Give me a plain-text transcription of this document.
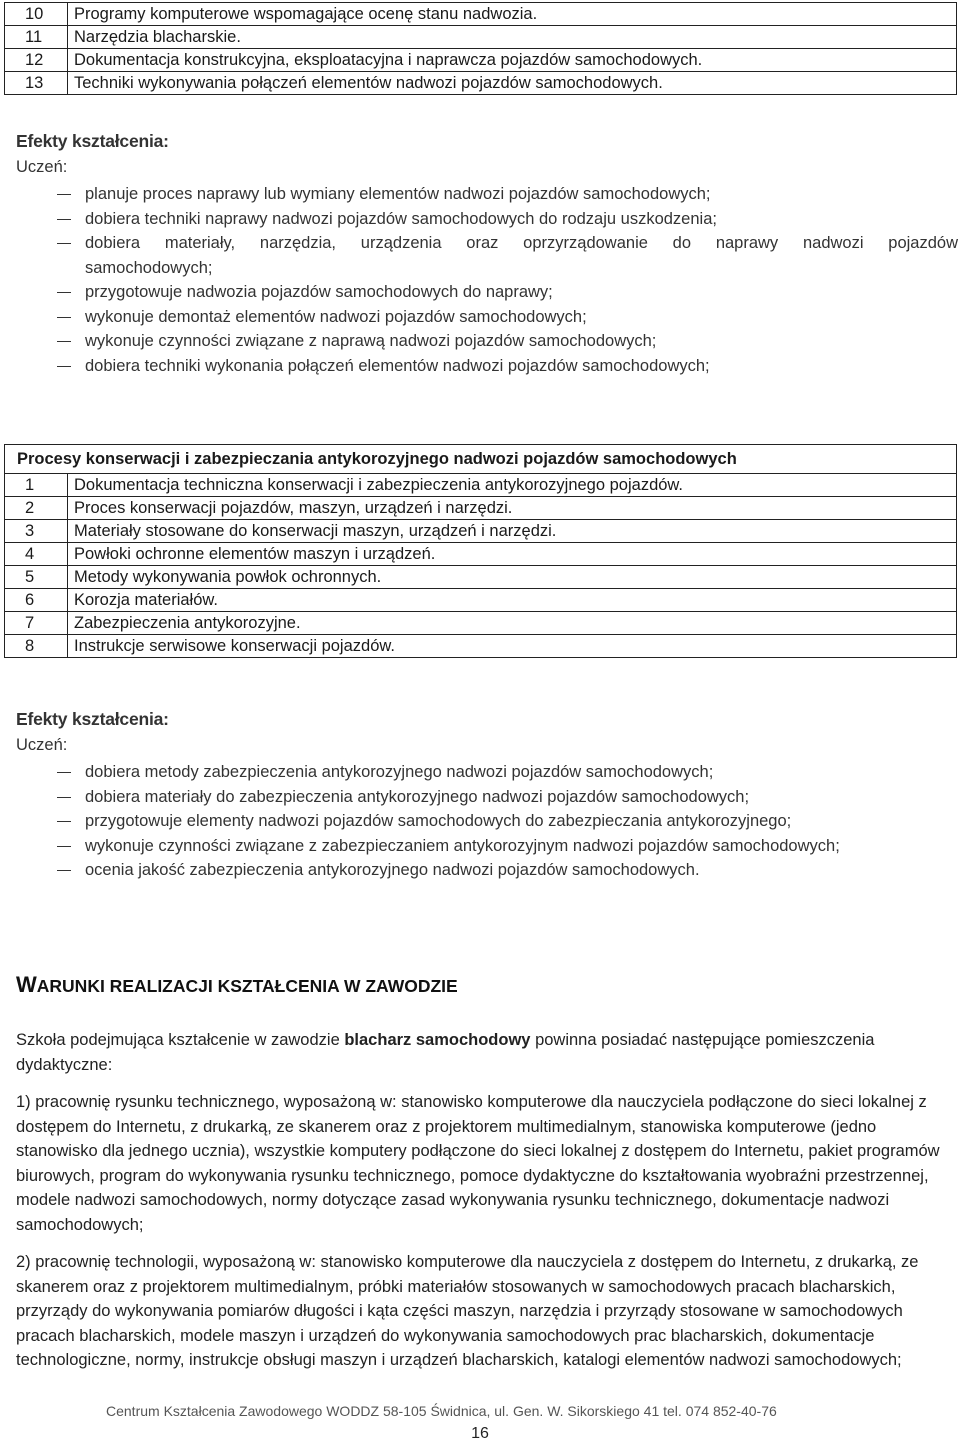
10	Programy komputerowe wspomagające ocenę stanu nadwozia.
11	Narzędzia blacharskie.
12	Dokumentacja konstrukcyjna, eksploatacyjna i naprawcza pojazdów samochodowych.
13	Techniki wykonywania połączeń elementów nadwozi pojazdów samochodowych.
Efekty kształcenia:
Uczeń:
planuje proces naprawy lub wymiany elementów nadwozi pojazdów samochodowych;
dobiera techniki naprawy nadwozi pojazdów samochodowych do rodzaju uszkodzenia;
dobiera materiały, narzędzia, urządzenia oraz oprzyrządowanie do naprawy nadwozi pojazdów
samochodowych;
przygotowuje nadwozia pojazdów samochodowych do naprawy;
wykonuje demontaż elementów nadwozi pojazdów samochodowych;
wykonuje czynności związane z naprawą nadwozi pojazdów samochodowych;
dobiera techniki wykonania połączeń elementów nadwozi pojazdów samochodowych;
Procesy konserwacji i zabezpieczania antykorozyjnego nadwozi pojazdów samochodowych	
1	Dokumentacja techniczna konserwacji i zabezpieczenia antykorozyjnego pojazdów.
2	Proces konserwacji pojazdów, maszyn, urządzeń i narzędzi.
3	Materiały stosowane do konserwacji maszyn, urządzeń i narzędzi.
4	Powłoki ochronne elementów maszyn i urządzeń.
5	Metody wykonywania powłok ochronnych.
6	Korozja materiałów.
7	Zabezpieczenia antykorozyjne.
8	Instrukcje serwisowe konserwacji pojazdów.
Efekty kształcenia:
Uczeń:
dobiera metody zabezpieczenia antykorozyjnego nadwozi pojazdów samochodowych;
dobiera materiały do zabezpieczenia antykorozyjnego nadwozi pojazdów samochodowych;
przygotowuje elementy nadwozi pojazdów samochodowych do zabezpieczania antykorozyjnego;
wykonuje czynności związane z zabezpieczaniem antykorozyjnym nadwozi pojazdów samochodowych;
ocenia jakość zabezpieczenia antykorozyjnego nadwozi pojazdów samochodowych.
WARUNKI REALIZACJI KSZTAŁCENIA W ZAWODZIE

Szkoła podejmująca kształcenie w zawodzie blacharz samochodowy powinna posiadać następujące pomieszczenia dydaktyczne:

1) pracownię rysunku technicznego, wyposażoną w: stanowisko komputerowe dla nauczyciela podłączone do sieci lokalnej z dostępem do Internetu, z drukarką, ze skanerem oraz z projektorem multimedialnym, stanowiska komputerowe (jedno stanowisko dla jednego ucznia), wszystkie komputery podłączone do sieci lokalnej z dostępem do Internetu, pakiet programów biurowych, program do wykonywania rysunku technicznego, pomoce dydaktyczne do kształtowania wyobraźni przestrzennej, modele nadwozi samochodowych, normy dotyczące zasad wykonywania rysunku technicznego, dokumentacje nadwozi samochodowych;

2) pracownię technologii, wyposażoną w: stanowisko komputerowe dla nauczyciela z dostępem do Internetu, z drukarką, ze skanerem oraz z projektorem multimedialnym, próbki materiałów stosowanych w samochodowych pracach blacharskich, przyrządy do wykonywania pomiarów długości i kąta części maszyn, narzędzia i przyrządy stosowane w samochodowych pracach blacharskich, modele maszyn i urządzeń do wykonywania samochodowych prac blacharskich, dokumentacje technologiczne, normy, instrukcje obsługi maszyn i urządzeń blacharskich, katalogi elementów nadwozi samochodowych;

Centrum Kształcenia Zawodowego WODDZ 58-105 Świdnica, ul. Gen. W. Sikorskiego 41 tel. 074 852-40-76
16
